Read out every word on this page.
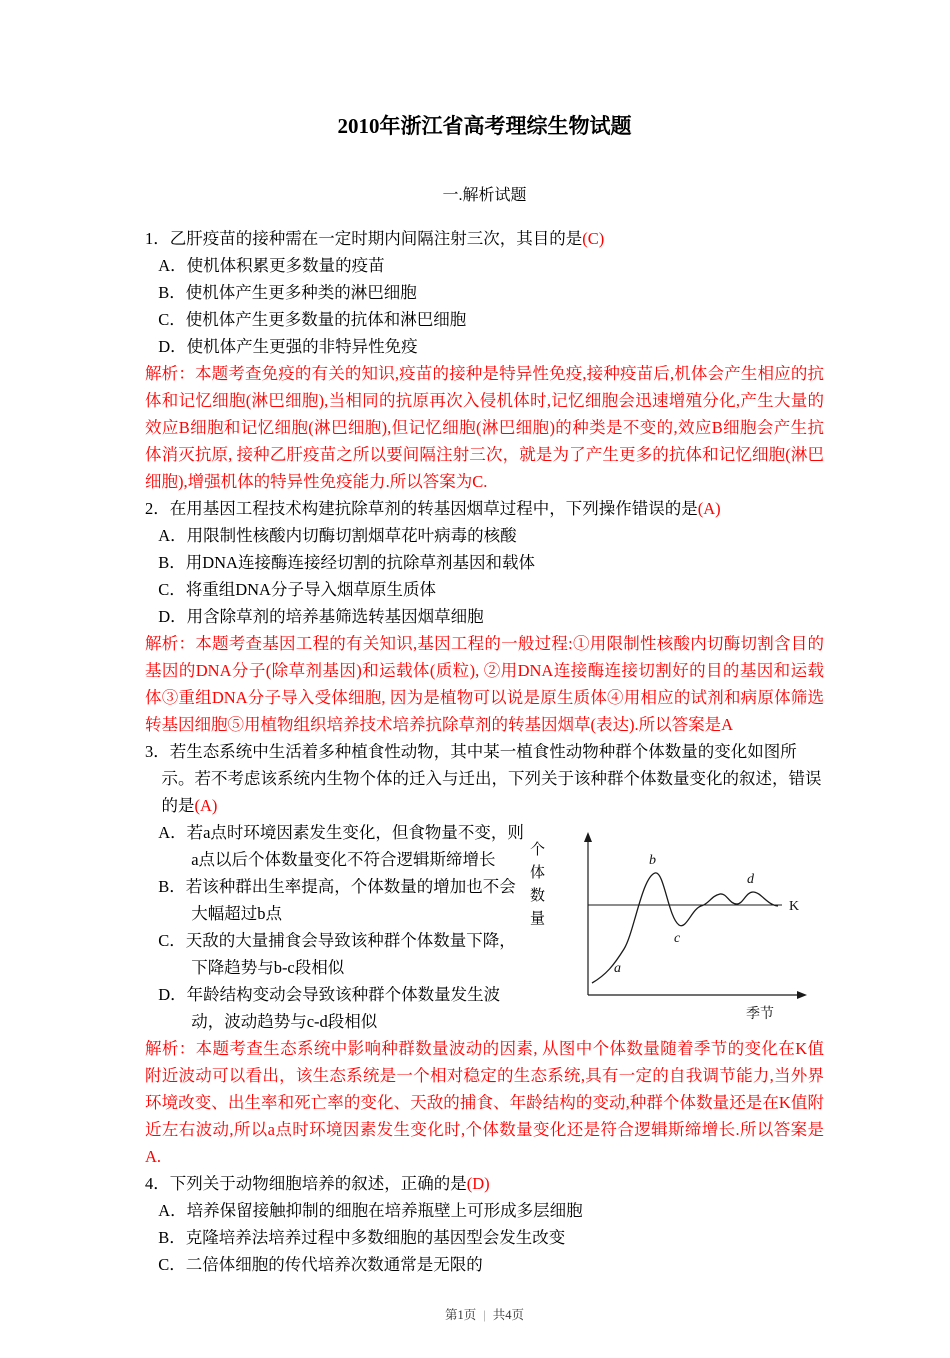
2010年浙江省高考理综生物试题
一.解析试题

1．乙肝疫苗的接种需在一定时期内间隔注射三次，其目的是(C)

A．使机体积累更多数量的疫苗

B．使机体产生更多种类的淋巴细胞

C．使机体产生更多数量的抗体和淋巴细胞

D．使机体产生更强的非特异性免疫

解析：本题考查免疫的有关的知识,疫苗的接种是特异性免疫,接种疫苗后,机体会产生相应的抗体和记忆细胞(淋巴细胞),当相同的抗原再次入侵机体时,记忆细胞会迅速增殖分化,产生大量的效应B细胞和记忆细胞(淋巴细胞),但记忆细胞(淋巴细胞)的种类是不变的,效应B细胞会产生抗体消灭抗原, 接种乙肝疫苗之所以要间隔注射三次，就是为了产生更多的抗体和记忆细胞(淋巴细胞),增强机体的特异性免疫能力.所以答案为C.

2．在用基因工程技术构建抗除草剂的转基因烟草过程中，下列操作错误的是(A)

A．用限制性核酸内切酶切割烟草花叶病毒的核酸

B．用DNA连接酶连接经切割的抗除草剂基因和载体

C．将重组DNA分子导入烟草原生质体

D．用含除草剂的培养基筛选转基因烟草细胞

解析：本题考查基因工程的有关知识,基因工程的一般过程:①用限制性核酸内切酶切割含目的基因的DNA分子(除草剂基因)和运载体(质粒), ②用DNA连接酶连接切割好的目的基因和运载体③重组DNA分子导入受体细胞, 因为是植物可以说是原生质体④用相应的试剂和病原体筛选转基因细胞⑤用植物组织培养技术培养抗除草剂的转基因烟草(表达).所以答案是A

3．若生态系统中生活着多种植食性动物，其中某一植食性动物种群个体数量的变化如图所示。若不考虑该系统内生物个体的迁入与迁出，下列关于该种群个体数量变化的叙述，错误的是(A)

A．若a点时环境因素发生变化，但食物量不变，则a点以后个体数量变化不符合逻辑斯缔增长

B．若该种群出生率提高，个体数量的增加也不会大幅超过b点

C．天敌的大量捕食会导致该种群个体数量下降，下降趋势与b-c段相似

D．年龄结构变动会导致该种群个体数量发生波动，波动趋势与c-d段相似

个体数量
a
b
c
d
K
季节

解析：本题考查生态系统中影响种群数量波动的因素, 从图中个体数量随着季节的变化在K值附近波动可以看出，该生态系统是一个相对稳定的生态系统,具有一定的自我调节能力,当外界环境改变、出生率和死亡率的变化、天敌的捕食、年龄结构的变动,种群个体数量还是在K值附近左右波动,所以a点时环境因素发生变化时,个体数量变化还是符合逻辑斯缔增长.所以答案是A.

4．下列关于动物细胞培养的叙述，正确的是(D)

A．培养保留接触抑制的细胞在培养瓶壁上可形成多层细胞

B．克隆培养法培养过程中多数细胞的基因型会发生改变

C．二倍体细胞的传代培养次数通常是无限的

第1页 | 共4页
